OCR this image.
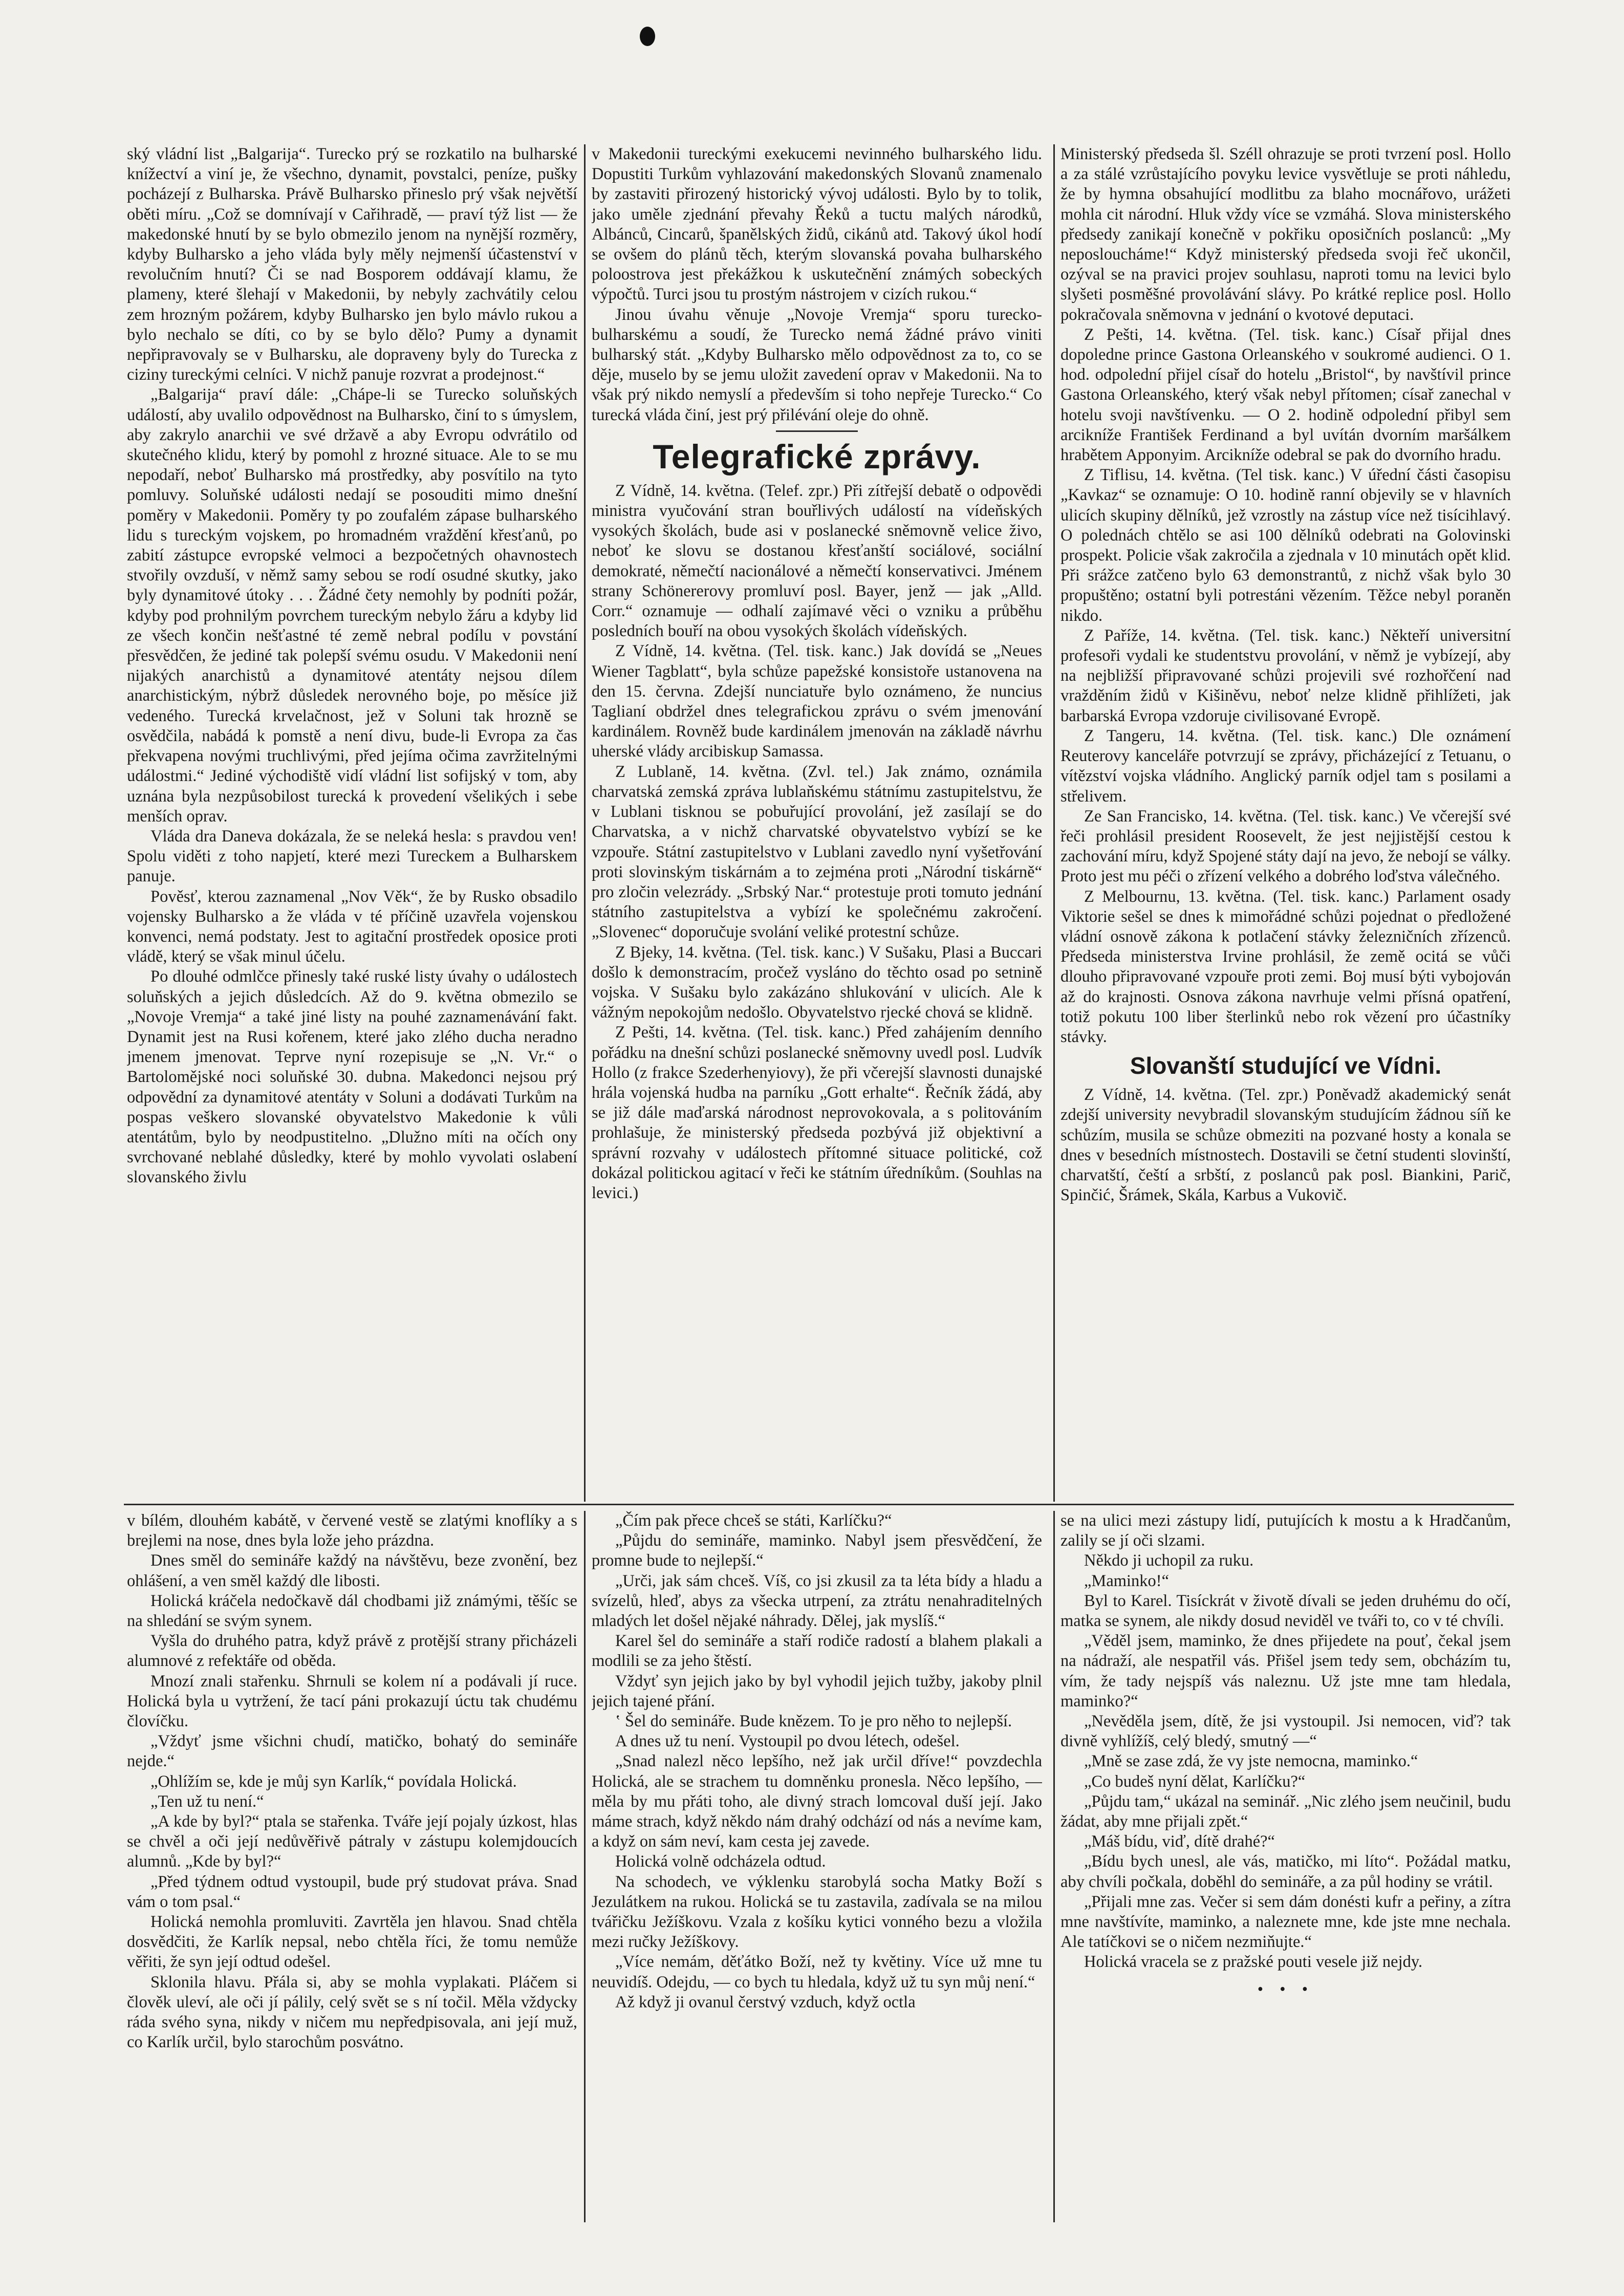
ský vládní list „Balgarija“. Turecko prý se rozkatilo na bulharské knížectví a viní je, že všechno, dynamit, povstalci, peníze, pušky pocházejí z Bulharska. Právě Bulharsko přineslo prý však největší oběti míru. „Což se domnívají v Cařihradě, — praví týž list — že makedonské hnutí by se bylo obmezilo jenom na nynější rozměry, kdyby Bulharsko a jeho vláda byly měly nejmenší účastenství v revolučním hnutí? Či se nad Bosporem oddávají klamu, že plameny, které šlehají v Makedonii, by nebyly zachvátily celou zem hrozným požárem, kdyby Bulharsko jen bylo mávlo rukou a bylo nechalo se díti, co by se bylo dělo? Pumy a dynamit nepřipravovaly se v Bulharsku, ale dopraveny byly do Turecka z ciziny tureckými celníci. V nichž panuje rozvrat a prodejnost.“

„Balgarija“ praví dále: „Chápe-li se Turecko soluňských událostí, aby uvalilo odpovědnost na Bulharsko, činí to s úmyslem, aby zakrylo anarchii ve své državě a aby Evropu odvrátilo od skutečného klidu, který by pomohl z hrozné situace. Ale to se mu nepodaří, neboť Bulharsko má prostředky, aby posvítilo na tyto pomluvy. Soluňské události nedají se posouditi mimo dnešní poměry v Makedonii. Poměry ty po zoufalém zápase bulharského lidu s tureckým vojskem, po hromadném vraždění křesťanů, po zabití zástupce evropské velmoci a bezpočetných ohavnostech stvořily ovzduší, v němž samy sebou se rodí osudné skutky, jako byly dynamitové útoky . . . Žádné čety nemohly by podníti požár, kdyby pod prohnilým povrchem tureckým nebylo žáru a kdyby lid ze všech končin nešťastné té země nebral podílu v povstání přesvědčen, že jediné tak polepší svému osudu. V Makedonii není nijakých anarchistů a dynamitové atentáty nejsou dílem anarchistickým, nýbrž důsledek nerovného boje, po měsíce již vedeného. Turecká krvelačnost, jež v Soluni tak hrozně se osvědčila, nabádá k pomstě a není divu, bude-li Evropa za čas překvapena novými truchlivými, před jejíma očima zavržitelnými událostmi.“ Jediné východiště vidí vládní list sofijský v tom, aby uznána byla nezpůsobilost turecká k provedení všelikých i sebe menších oprav.

Vláda dra Daneva dokázala, že se neleká hesla: s pravdou ven! Spolu viděti z toho napjetí, které mezi Tureckem a Bulharskem panuje.

Pověsť, kterou zaznamenal „Nov Věk“, že by Rusko obsadilo vojensky Bulharsko a že vláda v té příčině uzavřela vojenskou konvenci, nemá podstaty. Jest to agitační prostředek oposice proti vládě, který se však minul účelu.

Po dlouhé odmlčce přinesly také ruské listy úvahy o událostech soluňských a jejich důsledcích. Až do 9. května obmezilo se „Novoje Vremja“ a také jiné listy na pouhé zaznamenávání fakt. Dynamit jest na Rusi kořenem, které jako zlého ducha neradno jmenem jmenovat. Teprve nyní rozepisuje se „N. Vr.“ o Bartolomějské noci soluňské 30. dubna. Makedonci nejsou prý odpovědní za dynamitové atentáty v Soluni a dodávati Turkům na pospas veškero slovanské obyvatelstvo Makedonie k vůli atentátům, bylo by neodpustitelno. „Dlužno míti na očích ony svrchované neblahé důsledky, které by mohlo vyvolati oslabení slovanského živlu

v Makedonii tureckými exekucemi nevinného bulharského lidu. Dopustiti Turkům vyhlazování makedonských Slovanů znamenalo by zastaviti přirozený historický vývoj události. Bylo by to tolik, jako uměle zjednání převahy Řeků a tuctu malých národků, Albánců, Cincarů, španělských židů, cikánů atd. Takový úkol hodí se ovšem do plánů těch, kterým slovanská povaha bulharského poloostrova jest překážkou k uskutečnění známých sobeckých výpočtů. Turci jsou tu prostým nástrojem v cizích rukou.“

Jinou úvahu věnuje „Novoje Vremja“ sporu turecko-bulharskému a soudí, že Turecko nemá žádné právo viniti bulharský stát. „Kdyby Bulharsko mělo odpovědnost za to, co se děje, muselo by se jemu uložit zavedení oprav v Makedonii. Na to však prý nikdo nemyslí a především si toho nepřeje Turecko.“ Co turecká vláda činí, jest prý přilévání oleje do ohně.

Telegrafické zprávy.

Z Vídně, 14. května. (Telef. zpr.) Při zítřejší debatě o odpovědi ministra vyučování stran bouřlivých událostí na vídeňských vysokých školách, bude asi v poslanecké sněmovně velice živo, neboť ke slovu se dostanou křesťanští sociálové, sociální demokraté, němečtí nacionálové a němečtí konservativci. Jménem strany Schönererovy promluví posl. Bayer, jenž — jak „Alld. Corr.“ oznamuje — odhalí zajímavé věci o vzniku a průběhu posledních bouří na obou vysokých školách vídeňských.

Z Vídně, 14. května. (Tel. tisk. kanc.) Jak dovídá se „Neues Wiener Tagblatt“, byla schůze papežské konsistoře ustanovena na den 15. června. Zdejší nunciatuře bylo oznámeno, že nuncius Taglianí obdržel dnes telegrafickou zprávu o svém jmenování kardinálem. Rovněž bude kardinálem jmenován na základě návrhu uherské vlády arcibiskup Samassa.

Z Lublaně, 14. května. (Zvl. tel.) Jak známo, oznámila charvatská zemská zpráva lublaňskému státnímu zastupitelstvu, že v Lublani tisknou se pobuřující provolání, jež zasílají se do Charvatska, a v nichž charvatské obyvatelstvo vybízí se ke vzpouře. Státní zastupitelstvo v Lublani zavedlo nyní vyšetřování proti slovinským tiskárnám a to zejména proti „Národní tiskárně“ pro zločin velezrády. „Srbský Nar.“ protestuje proti tomuto jednání státního zastupitelstva a vybízí ke společnému zakročení. „Slovenec“ doporučuje svolání veliké protestní schůze.

Z Bjeky, 14. května. (Tel. tisk. kanc.) V Sušaku, Plasi a Buccari došlo k demonstracím, pročež vysláno do těchto osad po setnině vojska. V Sušaku bylo zakázáno shlukování v ulicích. Ale k vážným nepokojům nedošlo. Obyvatelstvo rjecké chová se klidně.

Z Pešti, 14. května. (Tel. tisk. kanc.) Před zahájením denního pořádku na dnešní schůzi poslanecké sněmovny uvedl posl. Ludvík Hollo (z frakce Szederhenyiovy), že při včerejší slavnosti dunajské hrála vojenská hudba na parníku „Gott erhalte“. Řečník žádá, aby se již dále maďarská národnost neprovokovala, a s politováním prohlašuje, že ministerský předseda pozbývá již objektivní a správní rozvahy v událostech přítomné situace politické, což dokázal politickou agitací v řeči ke státním úředníkům. (Souhlas na levici.)

Ministerský předseda šl. Széll ohrazuje se proti tvrzení posl. Hollo a za stálé vzrůstajícího povyku levice vysvětluje se proti náhledu, že by hymna obsahující modlitbu za blaho mocnářovo, urážeti mohla cit národní. Hluk vždy více se vzmáhá. Slova ministerského předsedy zanikají konečně v pokřiku oposičních poslanců: „My neposlouchámeǃ“ Když ministerský předseda svoji řeč ukončil, ozýval se na pravici projev souhlasu, naproti tomu na levici bylo slyšeti posměšné provolávání slávy. Po krátké replice posl. Hollo pokračovala sněmovna v jednání o kvotové deputaci.

Z Pešti, 14. května. (Tel. tisk. kanc.) Císař přijal dnes dopoledne prince Gastona Orleanského v soukromé audienci. O 1. hod. odpolední přijel císař do hotelu „Bristol“, by navštívil prince Gastona Orleanského, který však nebyl přítomen; císař zanechal v hotelu svoji navštívenku. — O 2. hodině odpolední přibyl sem arcikníže František Ferdinand a byl uvítán dvorním maršálkem hrabětem Apponyim. Arcikníže odebral se pak do dvorního hradu.

Z Tiflisu, 14. května. (Tel tisk. kanc.) V úřední části časopisu „Kavkaz“ se oznamuje: O 10. hodině ranní objevily se v hlavních ulicích skupiny dělníků, jež vzrostly na zástup více než tisícihlavý. O polednách chtělo se asi 100 dělníků odebrati na Golovinski prospekt. Policie však zakročila a zjednala v 10 minutách opět klid. Při srážce zatčeno bylo 63 demonstrantů, z nichž však bylo 30 propuštěno; ostatní byli potrestáni vězením. Těžce nebyl poraněn nikdo.

Z Paříže, 14. května. (Tel. tisk. kanc.) Někteří universitní profesoři vydali ke studentstvu provolání, v němž je vybízejí, aby na nejbližší připravované schůzi projevili své rozhořčení nad vražděním židů v Kišiněvu, neboť nelze klidně přihlížeti, jak barbarská Evropa vzdoruje civilisované Evropě.

Z Tangeru, 14. května. (Tel. tisk. kanc.) Dle oznámení Reuterovy kanceláře potvrzují se zprávy, přicházející z Tetuanu, o vítězství vojska vládního. Anglický parník odjel tam s posilami a střelivem.

Ze San Francisko, 14. května. (Tel. tisk. kanc.) Ve včerejší své řeči prohlásil president Roosevelt, že jest nejjistější cestou k zachování míru, když Spojené státy dají na jevo, že nebojí se války. Proto jest mu péči o zřízení velkého a dobrého loďstva válečného.

Z Melbournu, 13. května. (Tel. tisk. kanc.) Parlament osady Viktorie sešel se dnes k mimořádné schůzi pojednat o předložené vládní osnově zákona k potlačení stávky železničních zřízenců. Předseda ministerstva Irvine prohlásil, že země ocitá se vůči dlouho připravované vzpouře proti zemi. Boj musí býti vybojován až do krajnosti. Osnova zákona navrhuje velmi přísná opatření, totiž pokutu 100 liber šterlinků nebo rok vězení pro účastníky stávky.

Slovanští studující ve Vídni.

Z Vídně, 14. května. (Tel. zpr.) Poněvadž akademický senát zdejší university nevybradil slovanským studujícím žádnou síň ke schůzím, musila se schůze obmeziti na pozvané hosty a konala se dnes v besedních místnostech. Dostavili se četní studenti slovinští, charvatští, čeští a srbští, z poslanců pak posl. Biankini, Parič, Spinčić, Šrámek, Skála, Karbus a Vukovič.

v bílém, dlouhém kabátě, v červené vestě se zlatými knoflíky a s brejlemi na nose, dnes byla lože jeho prázdna.

Dnes směl do semináře každý na návštěvu, beze zvonění, bez ohlášení, a ven směl každý dle libosti.

Holická kráčela nedočkavě dál chodbami již známými, těšíc se na shledání se svým synem.

Vyšla do druhého patra, když právě z protější strany přicházeli alumnové z refektáře od oběda.

Mnozí znali stařenku. Shrnuli se kolem ní a podávali jí ruce. Holická byla u vytržení, že tací páni prokazují úctu tak chudému človíčku.

„Vždyť jsme všichni chudí, matičko, bohatý do semináře nejde.“

„Ohlížím se, kde je můj syn Karlík,“ povídala Holická.

„Ten už tu není.“

„A kde by byl?“ ptala se stařenka. Tváře její pojaly úzkost, hlas se chvěl a oči její nedůvěřivě pátraly v zástupu kolemjdoucích alumnů. „Kde by byl?“

„Před týdnem odtud vystoupil, bude prý studovat práva. Snad vám o tom psal.“

Holická nemohla promluviti. Zavrtěla jen hlavou. Snad chtěla dosvědčiti, že Karlík nepsal, nebo chtěla říci, že tomu nemůže věřiti, že syn její odtud odešel.

Sklonila hlavu. Přála si, aby se mohla vyplakati. Pláčem si člověk uleví, ale oči jí pálily, celý svět se s ní točil. Měla vždycky ráda svého syna, nikdy v ničem mu nepředpisovala, ani její muž, co Karlík určil, bylo starochům posvátno.

„Čím pak přece chceš se státi, Karlíčku?“

„Půjdu do semináře, maminko. Nabyl jsem přesvědčení, že promne bude to nejlepší.“

„Urči, jak sám chceš. Víš, co jsi zkusil za ta léta bídy a hladu a svízelů, hleď, abys za všecka utrpení, za ztrátu nenahraditelných mladých let došel nějaké náhrady. Dělej, jak myslíš.“

Karel šel do semináře a staří rodiče radostí a blahem plakali a modlili se za jeho štěstí.

Vždyť syn jejich jako by byl vyhodil jejich tužby, jakoby plnil jejich tajené přání.

‛ Šel do semináře. Bude knězem. To je pro něho to nejlepší.

A dnes už tu není. Vystoupil po dvou létech, odešel.

„Snad nalezl něco lepšího, než jak určil dříve!“ povzdechla Holická, ale se strachem tu domněnku pronesla. Něco lepšího, — měla by mu přáti toho, ale divný strach lomcoval duší její. Jako máme strach, když někdo nám drahý odchází od nás a nevíme kam, a když on sám neví, kam cesta jej zavede.

Holická volně odcházela odtud.

Na schodech, ve výklenku starobylá socha Matky Boží s Jezulátkem na rukou. Holická se tu zastavila, zadívala se na milou tvářičku Ježíškovu. Vzala z košíku kytici vonného bezu a vložila mezi ručky Ježíškovy.

„Více nemám, děťátko Boží, než ty květiny. Více už mne tu neuvidíš. Odejdu, — co bych tu hledala, když už tu syn můj není.“

Až když ji ovanul čerstvý vzduch, když octla

se na ulici mezi zástupy lidí, putujících k mostu a k Hradčanům, zalily se jí oči slzami.

Někdo ji uchopil za ruku.

„Maminko!“

Byl to Karel. Tisíckrát v životě dívali se jeden druhému do očí, matka se synem, ale nikdy dosud neviděl ve tváři to, co v té chvíli.

„Věděl jsem, maminko, že dnes přijedete na pouť, čekal jsem na nádraží, ale nespatřil vás. Přišel jsem tedy sem, obcházím tu, vím, že tady nejspíš vás naleznu. Už jste mne tam hledala, maminko?“

„Nevěděla jsem, dítě, že jsi vystoupil. Jsi nemocen, viď? tak divně vyhlížíš, celý bledý, smutný —“

„Mně se zase zdá, že vy jste nemocna, maminko.“

„Co budeš nyní dělat, Karlíčku?“

„Půjdu tam,“ ukázal na seminář. „Nic zlého jsem neučinil, budu žádat, aby mne přijali zpět.“

„Máš bídu, viď, dítě drahé?“

„Bídu bych unesl, ale vás, matičko, mi líto“. Požádal matku, aby chvíli počkala, doběhl do semináře, a za půl hodiny se vrátil.

„Přijali mne zas. Večer si sem dám donésti kufr a peřiny, a zítra mne navštívíte, maminko, a naleznete mne, kde jste mne nechala. Ale tatíčkovi se o ničem nezmiňujte.“

Holická vracela se z pražské pouti vesele již nejdy.

• • •
